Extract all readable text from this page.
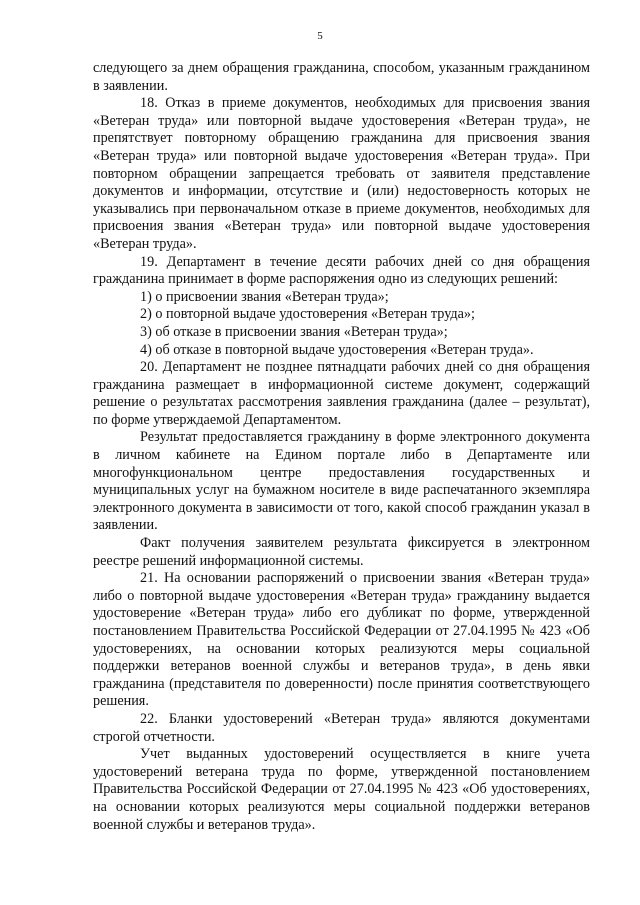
5

следующего за днем обращения гражданина, способом, указанным гражданином в заявлении.

18. Отказ в приеме документов, необходимых для присвоения звания «Ветеран труда» или повторной выдаче удостоверения «Ветеран труда», не препятствует повторному обращению гражданина для присвоения звания «Ветеран труда» или повторной выдаче удостоверения «Ветеран труда». При повторном обращении запрещается требовать от заявителя представление документов и информации, отсутствие и (или) недостоверность которых не указывались при первоначальном отказе в приеме документов, необходимых для присвоения звания «Ветеран труда» или повторной выдаче удостоверения «Ветеран труда».

19. Департамент в течение десяти рабочих дней со дня обращения гражданина принимает в форме распоряжения одно из следующих решений:

1) о присвоении звания «Ветеран труда»;

2) о повторной выдаче удостоверения «Ветеран труда»;

3) об отказе в присвоении звания «Ветеран труда»;

4) об отказе в повторной выдаче удостоверения «Ветеран труда».

20. Департамент не позднее пятнадцати рабочих дней со дня обращения гражданина размещает в информационной системе документ, содержащий решение о результатах рассмотрения заявления гражданина (далее – результат), по форме утверждаемой Департаментом.

Результат предоставляется гражданину в форме электронного документа в личном кабинете на Едином портале либо в Департаменте или многофункциональном центре предоставления государственных и муниципальных услуг на бумажном носителе в виде распечатанного экземпляра электронного документа в зависимости от того, какой способ гражданин указал в заявлении.

Факт получения заявителем результата фиксируется в электронном реестре решений информационной системы.

21. На основании распоряжений о присвоении звания «Ветеран труда» либо о повторной выдаче удостоверения «Ветеран труда» гражданину выдается удостоверение «Ветеран труда» либо его дубликат по форме, утвержденной постановлением Правительства Российской Федерации от 27.04.1995 № 423 «Об удостоверениях, на основании которых реализуются меры социальной поддержки ветеранов военной службы и ветеранов труда», в день явки гражданина (представителя по доверенности) после принятия соответствующего решения.

22. Бланки удостоверений «Ветеран труда» являются документами строгой отчетности.

Учет выданных удостоверений осуществляется в книге учета удостоверений ветерана труда по форме, утвержденной постановлением Правительства Российской Федерации от 27.04.1995 № 423 «Об удостоверениях, на основании которых реализуются меры социальной поддержки ветеранов военной службы и ветеранов труда».
